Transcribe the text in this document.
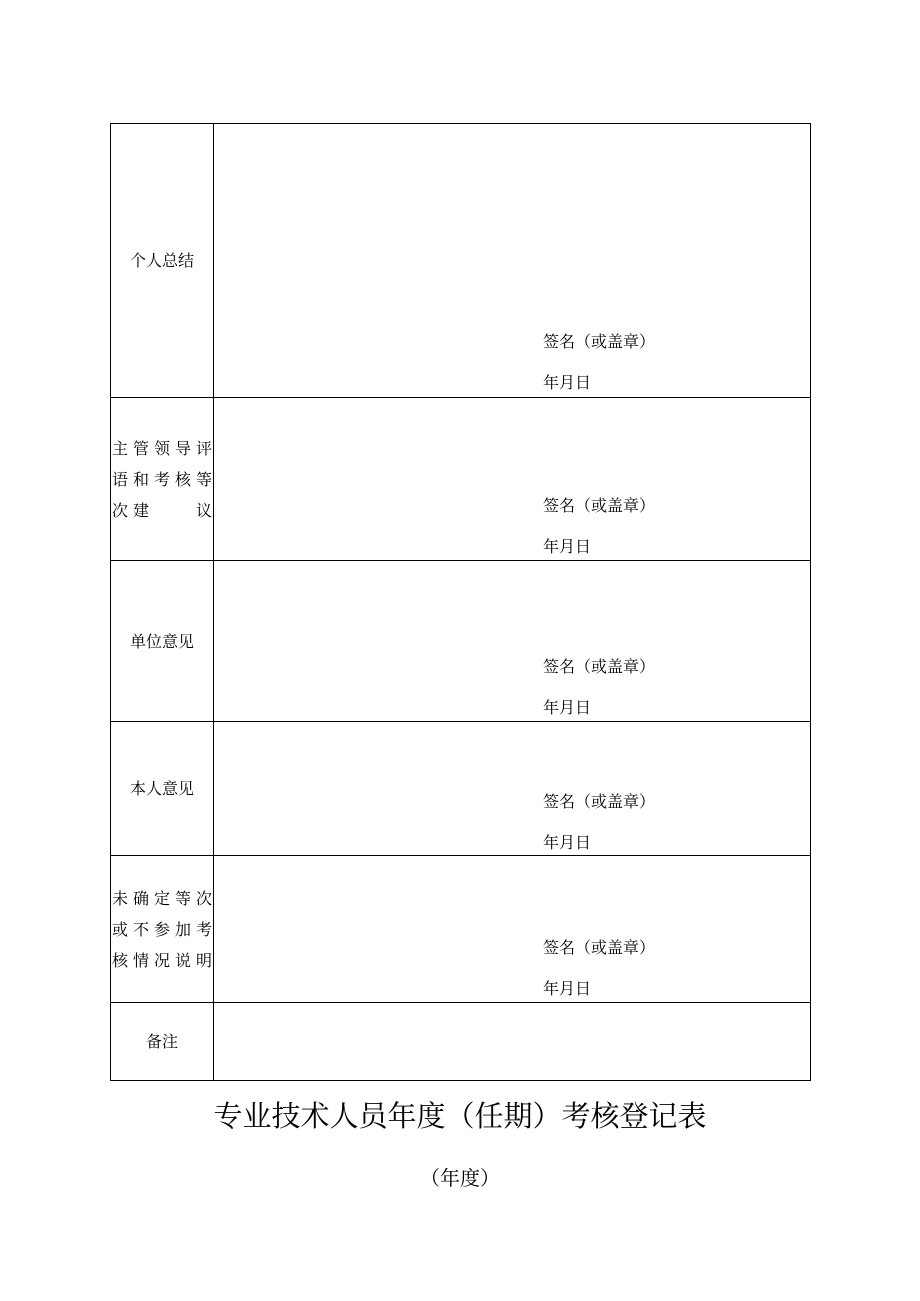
个人总结	签名（或盖章）
年月日

主管领导评
语和考核等
次建　　议	签名（或盖章）
年月日

单位意见	签名（或盖章）
年月日

本人意见	签名（或盖章）
年月日

未确定等次
或不参加考
核情况说明	签名（或盖章）
年月日

备注	
专业技术人员年度（任期）考核登记表
（年度）
